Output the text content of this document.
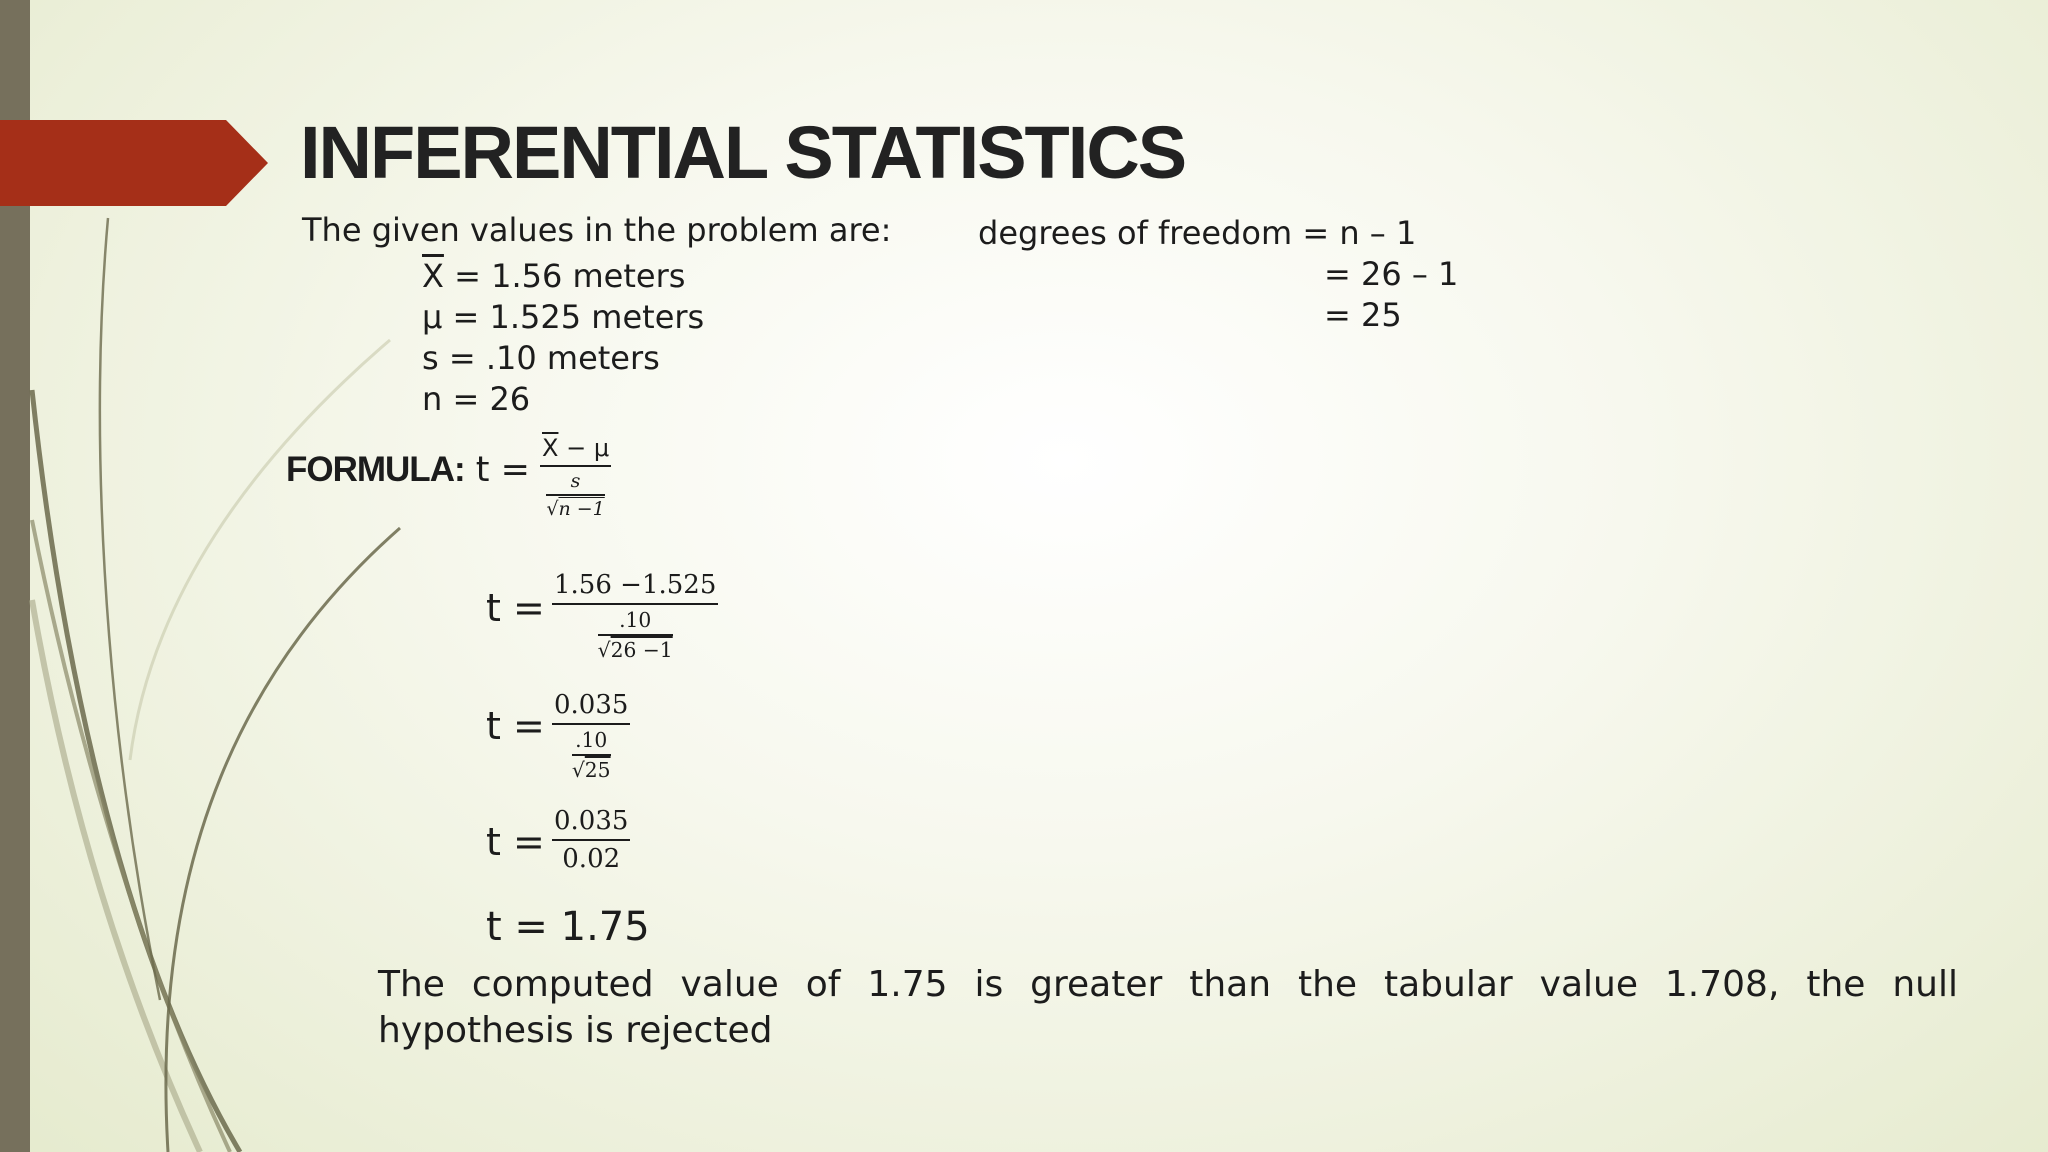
INFERENTIAL STATISTICS
The given values in the problem are:
$\overline{X} = 1.56$ meters
μ = 1.525 meters
s = .10 meters
n = 26
degrees of freedom = n – 1
= 26 – 1
= 25
FORMULA: t =
$\overline{X} - \mu$
s
√n −1
t =
1.56 −1.525
.10
√26 −1
t = 0.035
.10
√25
t = 0.035
0.02
t = 1.75

The computed value of 1.75 is greater than the tabular value 1.708, the null hypothesis is rejected
